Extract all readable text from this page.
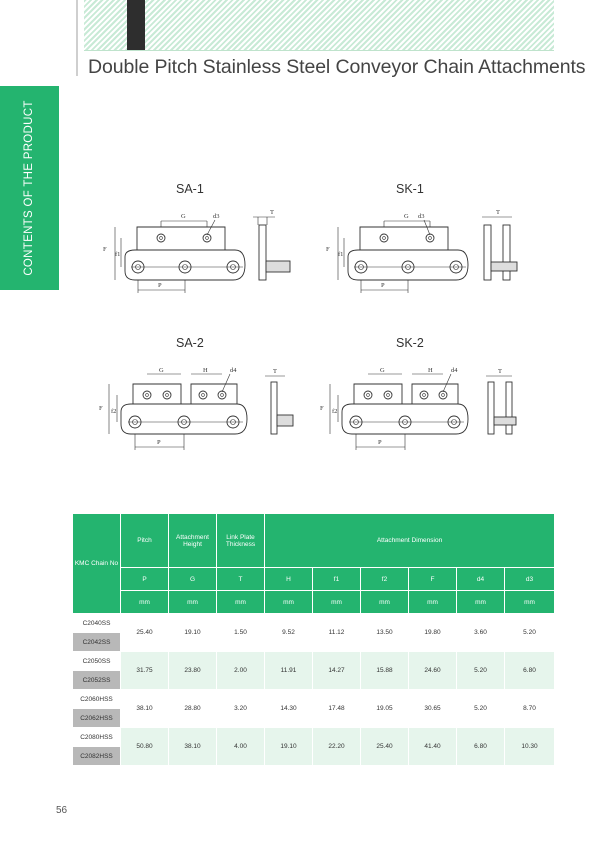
Double Pitch Stainless Steel Conveyor Chain Attachments
CONTENTS OF THE PRODUCT	SA-1
G	d3
F
f1
P
T
SK-1
G d3
F
f1
P
T
SA-2
G	H	d4
F f2
P
T
SK-2
G	H	d4
F f2
P
T
KMC Chain No	Pitch	Attachment Height	Link Plate Thickness	Attachment Dimension					
	P	G	T	H	f1	f2	F	d4	d3
	mm	mm	mm	mm	mm	mm	mm	mm	mm
C2040SS	25.40	19.10	1.50	9.52	11.12	13.50	19.80	3.60	5.20
C2042SS									
C2050SS	31.75	23.80	2.00	11.91	14.27	15.88	24.60	5.20	6.80
C2052SS									
C2060HSS	38.10	28.80	3.20	14.30	17.48	19.05	30.65	5.20	8.70
C2062HSS									
C2080HSS	50.80	38.10	4.00	19.10	22.20	25.40	41.40	6.80	10.30
C2082HSS									
56
